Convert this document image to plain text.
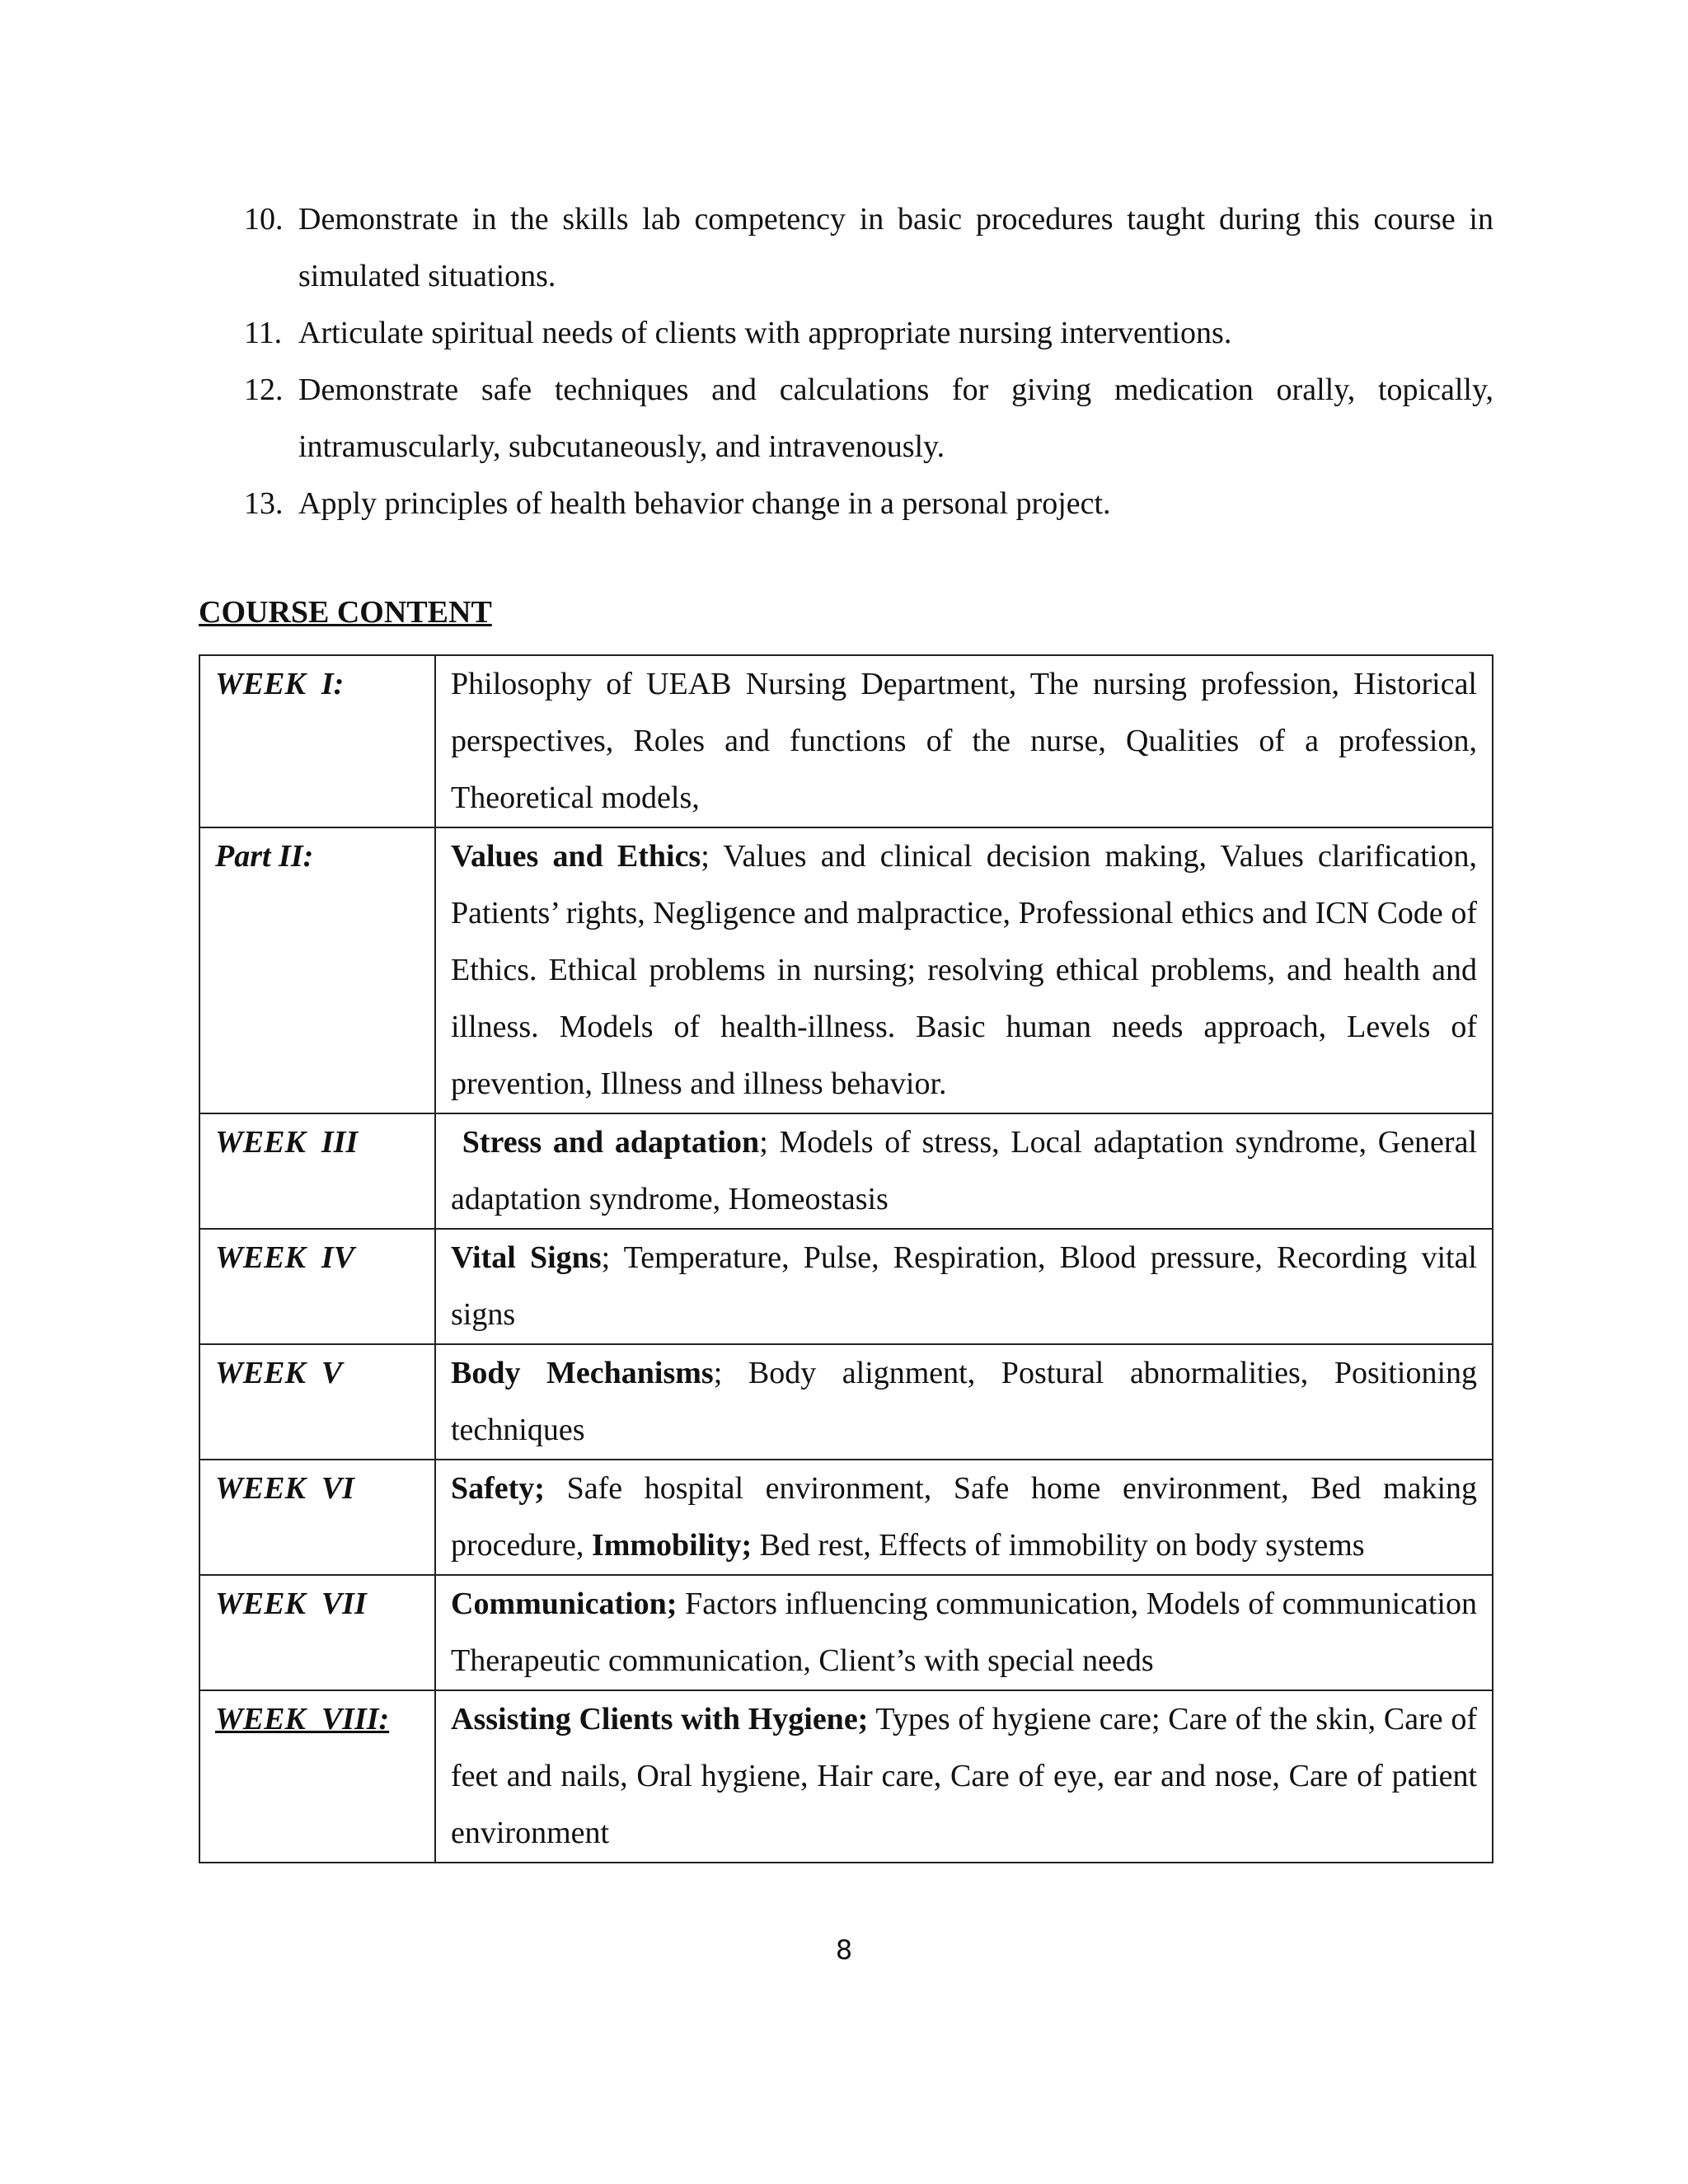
10. Demonstrate in the skills lab competency in basic procedures taught during this course in simulated situations.
11. Articulate spiritual needs of clients with appropriate nursing interventions.
12. Demonstrate safe techniques and calculations for giving medication orally, topically, intramuscularly, subcutaneously, and intravenously.
13. Apply principles of health behavior change in a personal project.
COURSE CONTENT
WEEK  I:	Philosophy of UEAB Nursing Department, The nursing profession, Historical perspectives, Roles and functions of the nurse, Qualities of a profession, Theoretical models,
Part II:	Values and Ethics; Values and clinical decision making, Values clarification, Patients’ rights, Negligence and malpractice, Professional ethics and ICN Code of Ethics. Ethical problems in nursing; resolving ethical problems, and health and illness. Models of health-illness. Basic human needs approach, Levels of prevention, Illness and illness behavior.
WEEK  III	Stress and adaptation; Models of stress, Local adaptation syndrome, General adaptation syndrome, Homeostasis
WEEK  IV	Vital Signs; Temperature, Pulse, Respiration, Blood pressure, Recording vital signs
WEEK  V	Body Mechanisms; Body alignment, Postural abnormalities, Positioning techniques
WEEK  VI	Safety; Safe hospital environment, Safe home environment, Bed making procedure, Immobility; Bed rest, Effects of immobility on body systems
WEEK  VII	Communication; Factors influencing communication, Models of communication Therapeutic communication, Client’s with special needs
WEEK  VIII:	Assisting Clients with Hygiene; Types of hygiene care; Care of the skin, Care of feet and nails, Oral hygiene, Hair care, Care of eye, ear and nose, Care of patient environment
8
